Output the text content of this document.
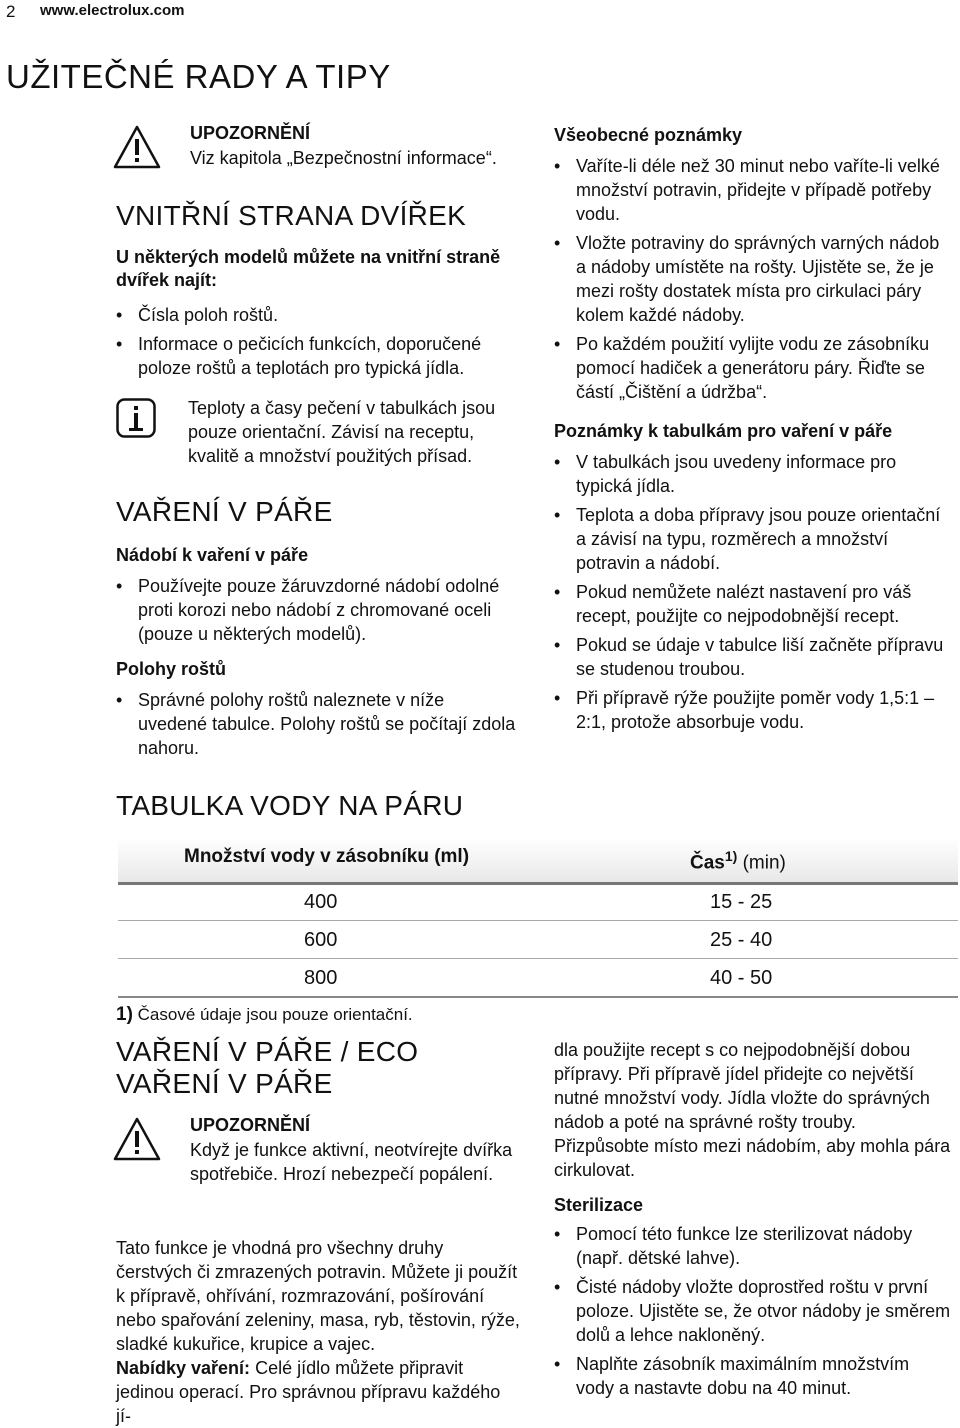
2 www.electrolux.com
UŽITEČNÉ RADY A TIPY
UPOZORNĚNÍ
Viz kapitola „Bezpečnostní informace“.
VNITŘNÍ STRANA DVÍŘEK
U některých modelů můžete na vnitřní straně dvířek najít:
• Čísla poloh roštů.
• Informace o pečicích funkcích, doporučené poloze roštů a teplotách pro typická jídla.
Teploty a časy pečení v tabulkách jsou pouze orientační. Závisí na receptu, kvalitě a množství použitých přísad.
VAŘENÍ V PÁŘE
Nádobí k vaření v páře
• Používejte pouze žáruvzdorné nádobí odolné proti korozi nebo nádobí z chromované oceli (pouze u některých modelů).
Polohy roštů
• Správné polohy roštů naleznete v níže uvedené tabulce. Polohy roštů se počítají zdola nahoru.
Všeobecné poznámky
• Vaříte-li déle než 30 minut nebo vaříte-li velké množství potravin, přidejte v případě potřeby vodu.
• Vložte potraviny do správných varných nádob a nádoby umístěte na rošty. Ujistěte se, že je mezi rošty dostatek místa pro cirkulaci páry kolem každé nádoby.
• Po každém použití vylijte vodu ze zásobníku pomocí hadiček a generátoru páry. Řiďte se částí „Čištění a údržba“.
Poznámky k tabulkám pro vaření v páře
• V tabulkách jsou uvedeny informace pro typická jídla.
• Teplota a doba přípravy jsou pouze orientační a závisí na typu, rozměrech a množství potravin a nádobí.
• Pokud nemůžete nalézt nastavení pro váš recept, použijte co nejpodobnější recept.
• Pokud se údaje v tabulce liší začněte přípravu se studenou troubou.
• Při přípravě rýže použijte poměr vody 1,5:1 – 2:1, protože absorbuje vodu.
TABULKA VODY NA PÁRU
Množství vody v zásobníku (ml)	Čas$^{1)}$ (min)
400	15 - 25
600	25 - 40
800	40 - 50
1) Časové údaje jsou pouze orientační.
VAŘENÍ V PÁŘE / ECO VAŘENÍ V PÁŘE
UPOZORNĚNÍ
Když je funkce aktivní, neotvírejte dvířka spotřebiče. Hrozí nebezpečí popálení.
Tato funkce je vhodná pro všechny druhy čerstvých či zmrazených potravin. Můžete ji použít k přípravě, ohřívání, rozmrazování, pošírování nebo spařování zeleniny, masa, ryb, těstovin, rýže, sladké kukuřice, krupice a vajec.
Nabídky vaření: Celé jídlo můžete připravit jedinou operací. Pro správnou přípravu každého jí-
dla použijte recept s co nejpodobnější dobou přípravy. Při přípravě jídel přidejte co největší nutné množství vody. Jídla vložte do správných nádob a poté na správné rošty trouby. Přizpůsobte místo mezi nádobím, aby mohla pára cirkulovat.
Sterilizace
• Pomocí této funkce lze sterilizovat nádoby (např. dětské lahve).
• Čisté nádoby vložte doprostřed roštu v první poloze. Ujistěte se, že otvor nádoby je směrem dolů a lehce nakloněný.
• Naplňte zásobník maximálním množstvím vody a nastavte dobu na 40 minut.
